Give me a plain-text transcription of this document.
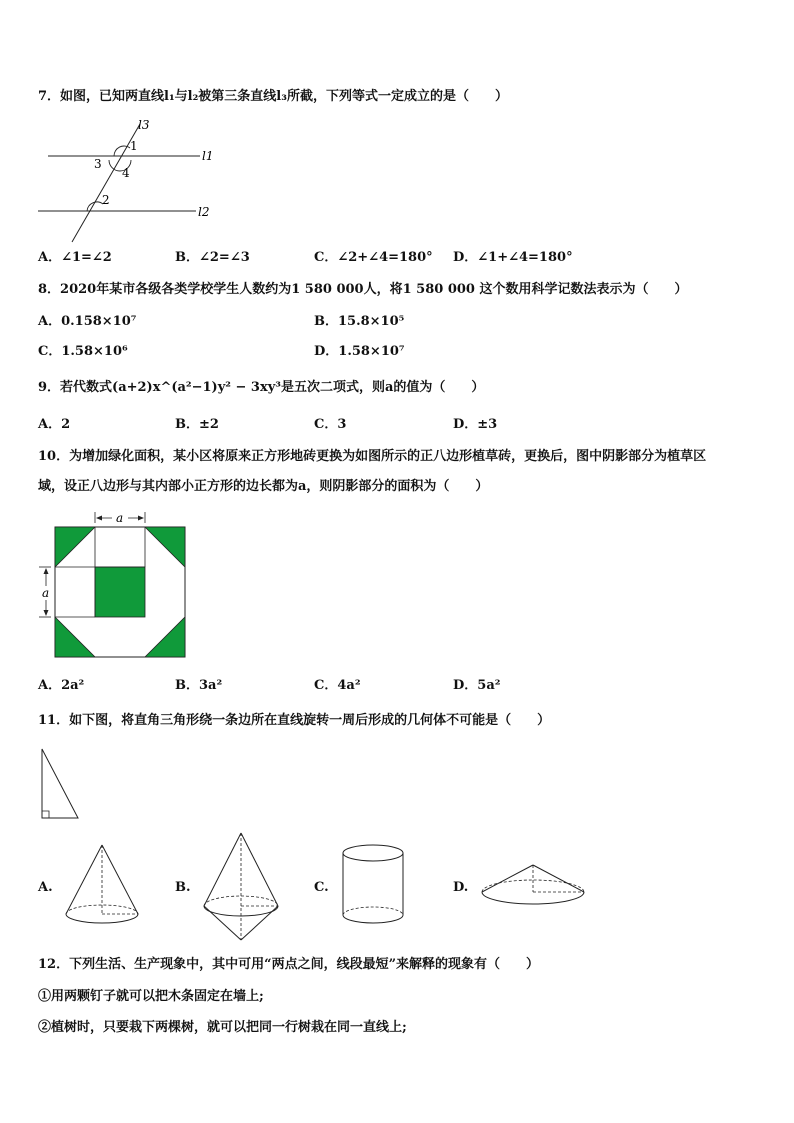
7．如图，已知两直线l₁与l₂被第三条直线l₃所截，下列等式一定成立的是（　　）
l3
1
3
4
l1
2
l2
A．∠1=∠2	B．∠2=∠3	C．∠2+∠4=180° D．∠1+∠4=180°
8．2020年某市各级各类学校学生人数约为1 580 000人，将1 580 000 这个数用科学记数法表示为（　　）
A．0.158×10⁷	B．15.8×10⁵
C．1.58×10⁶	D．1.58×10⁷
9．若代数式(a+2)x^(a²−1)y² − 3xy³是五次二项式，则a的值为（　　）
A．2	B．±2	C．3	D．±3
10．为增加绿化面积，某小区将原来正方形地砖更换为如图所示的正八边形植草砖，更换后，图中阴影部分为植草区
域，设正八边形与其内部小正方形的边长都为a，则阴影部分的面积为（　　）
a
a
A．2a²	B．3a²	C．4a²	D．5a²
11．如下图，将直角三角形绕一条边所在直线旋转一周后形成的几何体不可能是（　　）
A.	B.	C.	D.
12．下列生活、生产现象中，其中可用“两点之间，线段最短”来解释的现象有（　　）
①用两颗钉子就可以把木条固定在墙上;
②植树时，只要栽下两棵树，就可以把同一行树栽在同一直线上;
